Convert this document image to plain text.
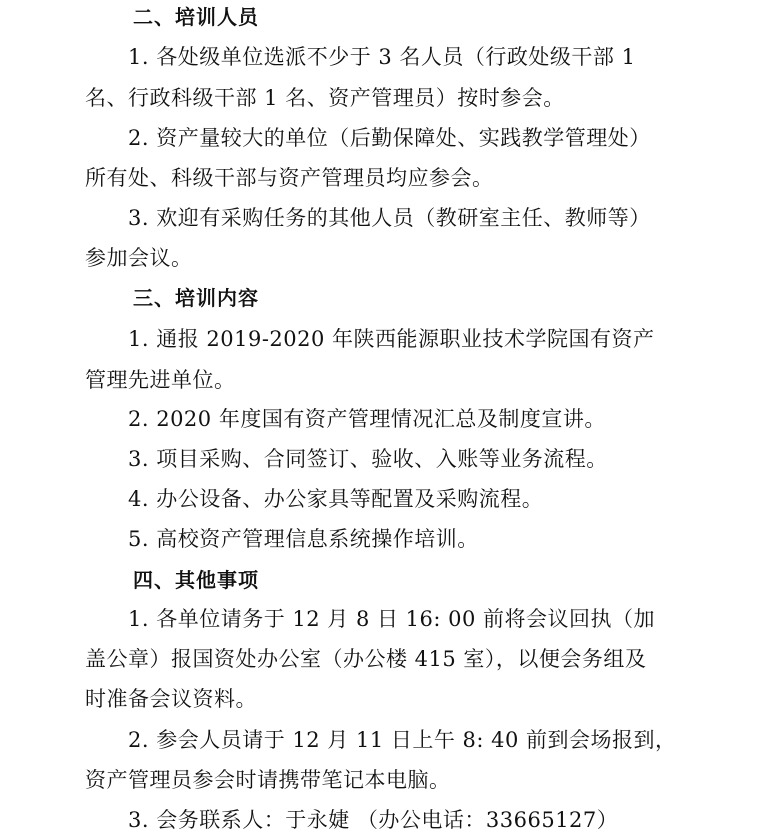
二、培训人员
1. 各处级单位选派不少于 3 名人员（行政处级干部 1
名、行政科级干部 1 名、资产管理员）按时参会。
2. 资产量较大的单位（后勤保障处、实践教学管理处）
所有处、科级干部与资产管理员均应参会。
3. 欢迎有采购任务的其他人员（教研室主任、教师等）
参加会议。
三、培训内容
1. 通报 2019-2020 年陕西能源职业技术学院国有资产
管理先进单位。
2. 2020 年度国有资产管理情况汇总及制度宣讲。
3. 项目采购、合同签订、验收、入账等业务流程。
4. 办公设备、办公家具等配置及采购流程。
5. 高校资产管理信息系统操作培训。
四、其他事项
1. 各单位请务于 12 月 8 日 16: 00 前将会议回执（加
盖公章）报国资处办公室（办公楼 415 室），以便会务组及
时准备会议资料。
2. 参会人员请于 12 月 11 日上午 8: 40 前到会场报到，
资产管理员参会时请携带笔记本电脑。
3. 会务联系人：于永婕 （办公电话：33665127）
